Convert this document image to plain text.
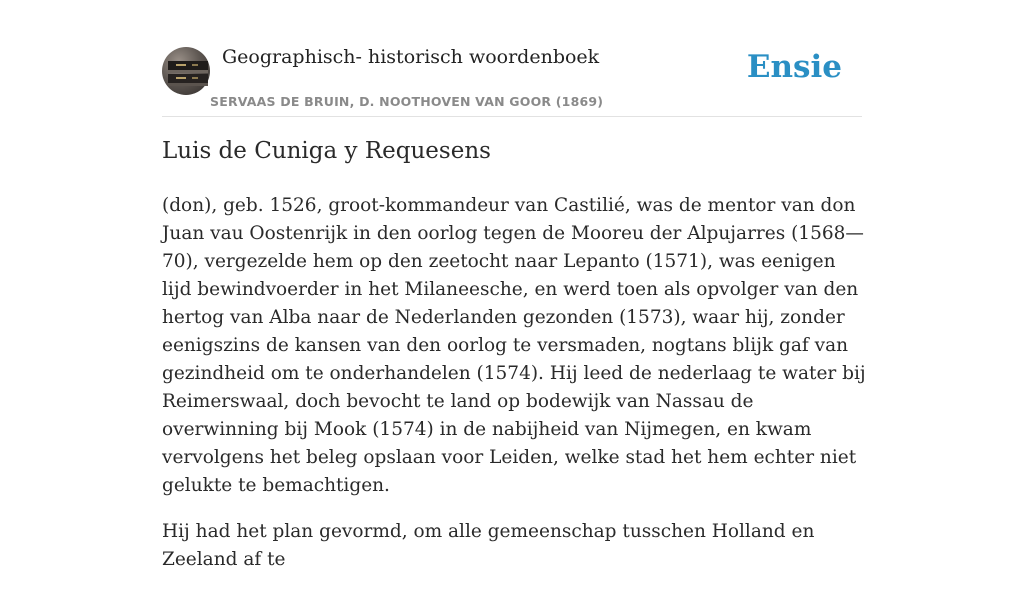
Geographisch- historisch woordenboek
SERVAAS DE BRUIN, D. NOOTHOVEN VAN GOOR (1869)
Ensie
Luis de Cuniga y Requesens

(don), geb. 1526, groot-kommandeur van Castilié, was de mentor van don Juan vau Oostenrijk in den oorlog tegen de Mooreu der Alpujarres (1568—70), vergezelde hem op den zeetocht naar Lepanto (1571), was eenigen lijd bewindvoerder in het Milaneesche, en werd toen als opvolger van den hertog van Alba naar de Nederlanden gezonden (1573), waar hij, zonder eenigszins de kansen van den oorlog te versmaden, nogtans blijk gaf van gezindheid om te onderhandelen (1574). Hij leed de nederlaag te water bij Reimerswaal, doch bevocht te land op bodewijk van Nassau de overwinning bij Mook (1574) in de nabijheid van Nijmegen, en kwam vervolgens het beleg opslaan voor Leiden, welke stad het hem echter niet gelukte te bemachtigen.

Hij had het plan gevormd, om alle gemeenschap tusschen Holland en Zeeland af te
